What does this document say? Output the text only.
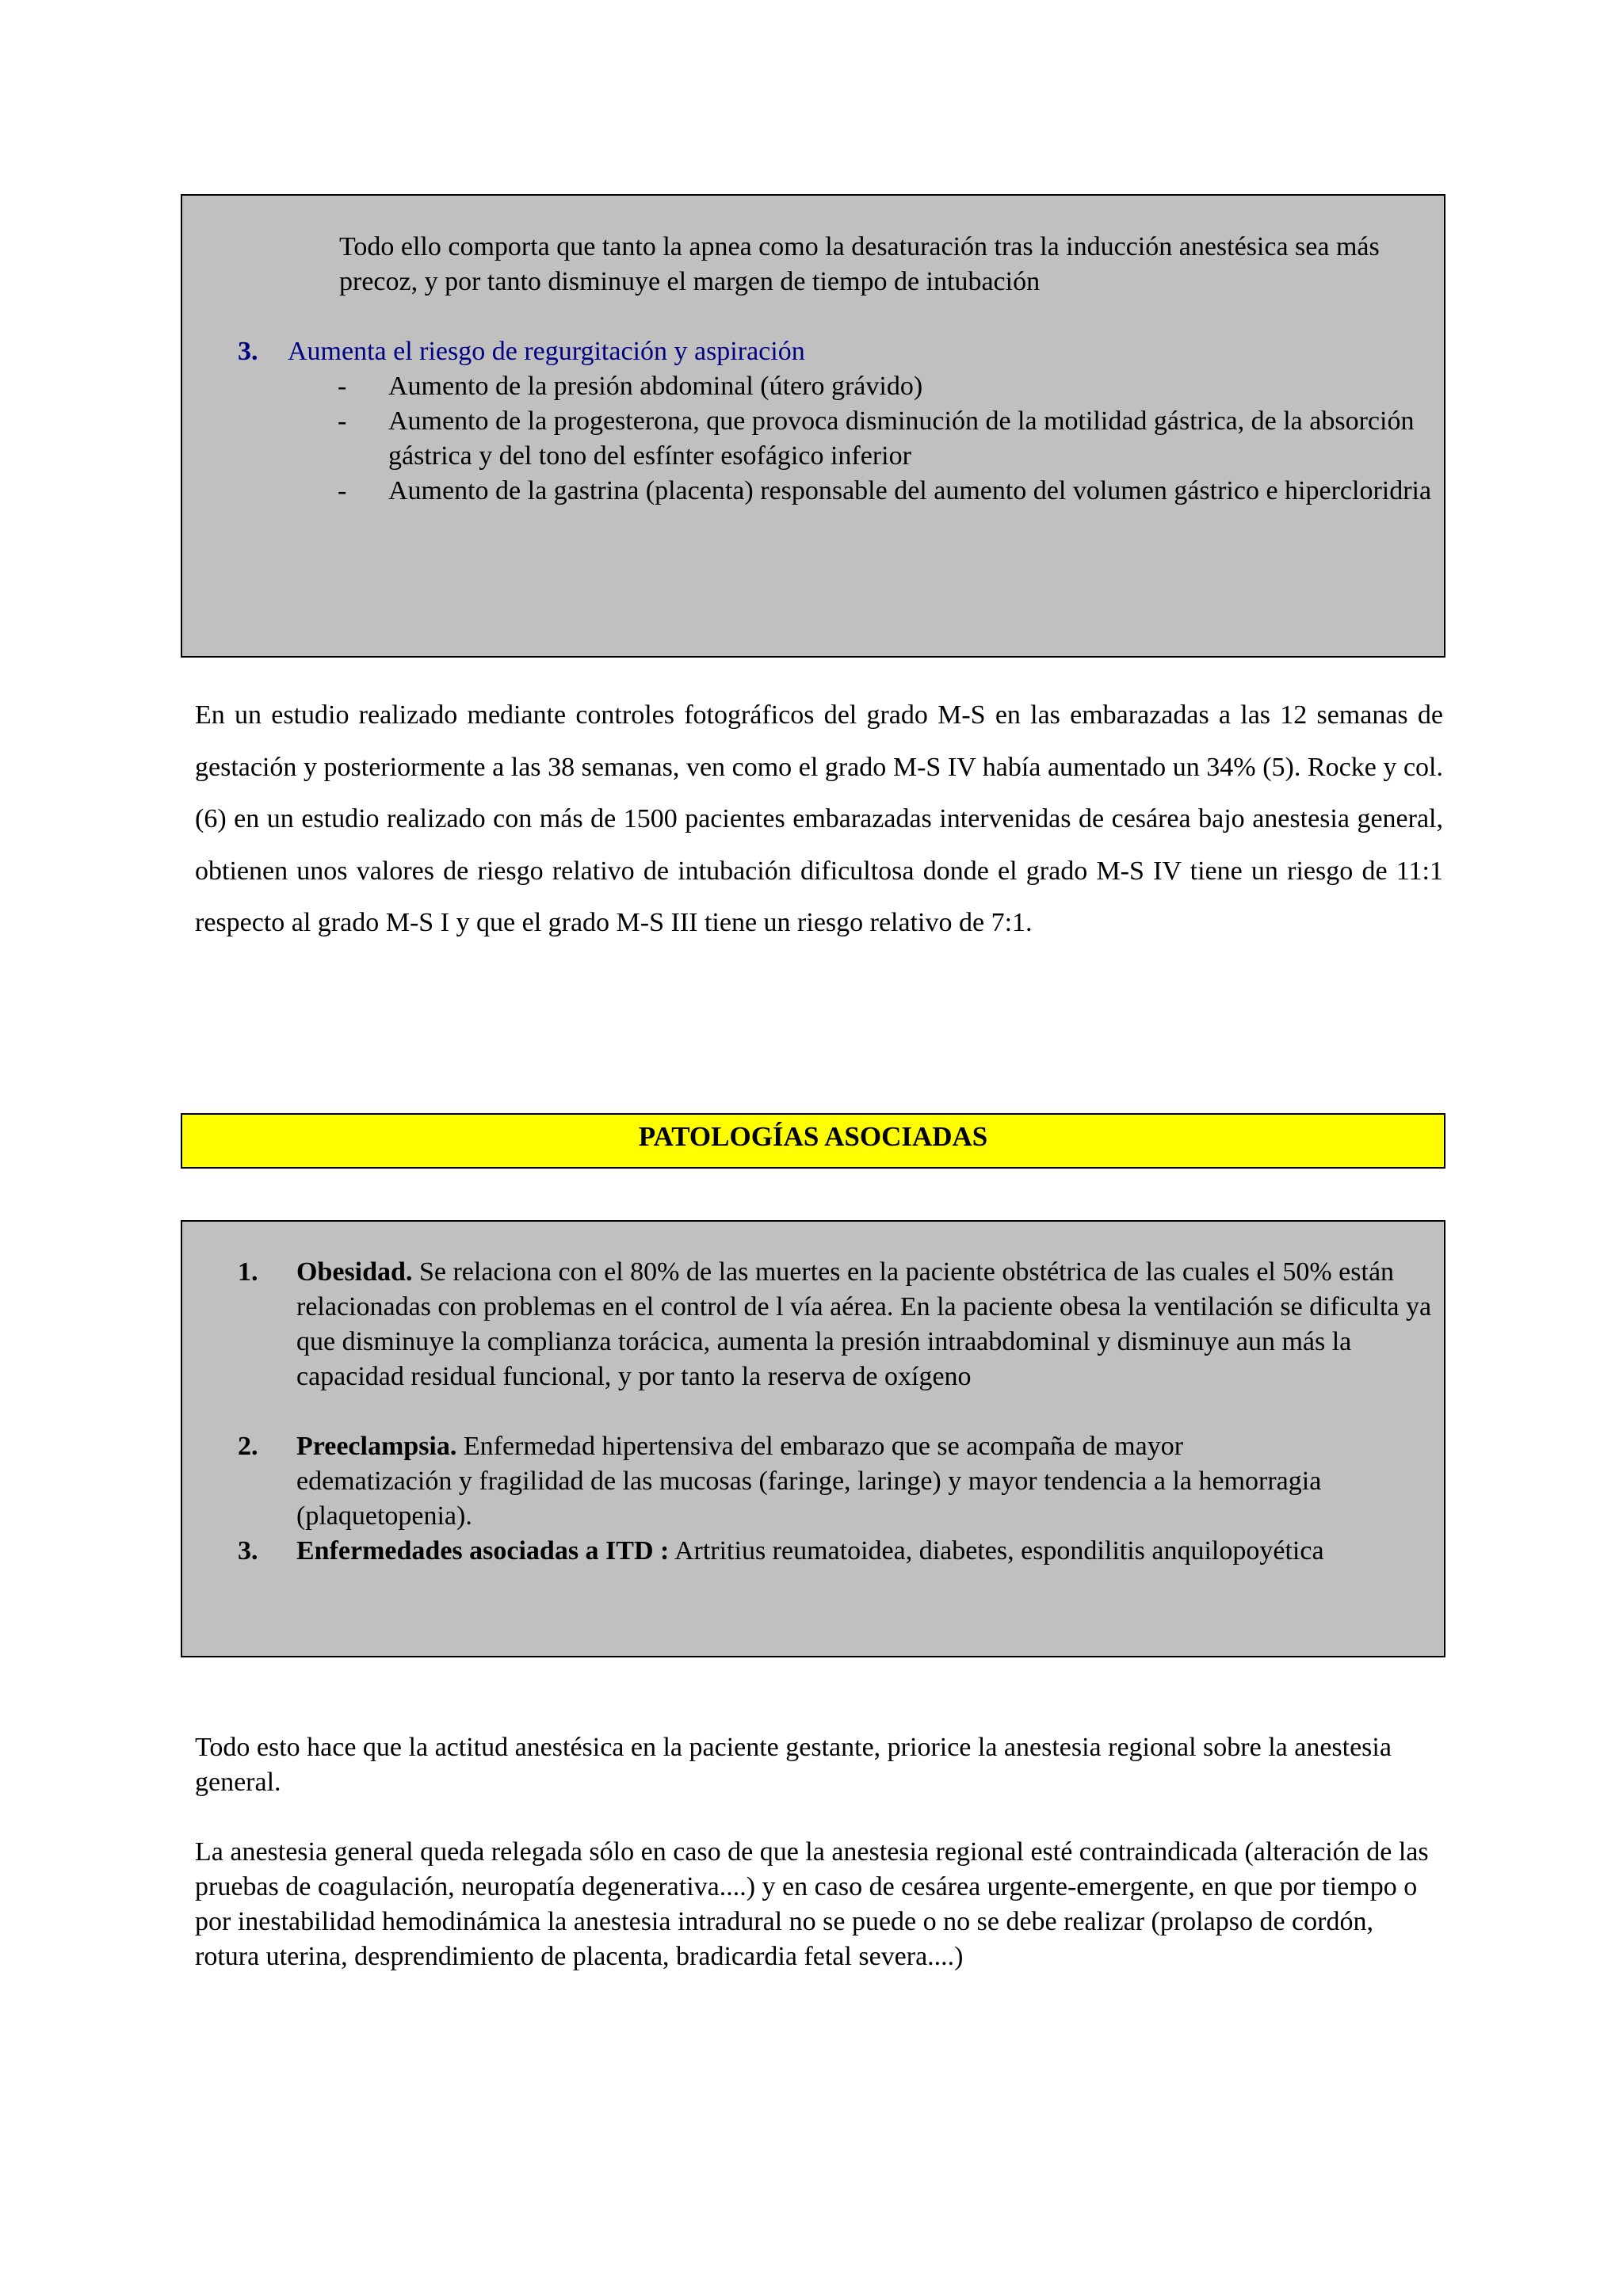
Todo ello comporta que tanto la apnea como la desaturación tras la inducción anestésica sea más precoz, y por tanto disminuye el margen de tiempo de intubación

3. Aumenta el riesgo de regurgitación y aspiración
- Aumento de la presión abdominal (útero grávido)

- Aumento de la progesterona, que provoca disminución de la motilidad gástrica, de la absorción gástrica y del tono del esfínter esofágico inferior

- Aumento de la gastrina (placenta) responsable del aumento del volumen gástrico e hipercloridria

En un estudio realizado mediante controles fotográficos del grado M-S en las embarazadas a las 12 semanas de gestación y posteriormente a las 38 semanas, ven como el grado M-S IV había aumentado un 34% (5). Rocke y col. (6) en un estudio realizado con más de 1500 pacientes embarazadas intervenidas de cesárea bajo anestesia general, obtienen unos valores de riesgo relativo de intubación dificultosa donde el grado M-S IV tiene un riesgo de 11:1 respecto al grado M-S I y que el grado M-S III tiene un riesgo relativo de 7:1.

PATOLOGÍAS ASOCIADAS
1. Obesidad. Se relaciona con el 80% de las muertes en la paciente obstétrica de las cuales el 50% están relacionadas con problemas en el control de l vía aérea. En la paciente obesa la ventilación se dificulta ya que disminuye la complianza torácica, aumenta la presión intraabdominal y disminuye aun más la capacidad residual funcional, y por tanto la reserva de oxígeno

2. Preeclampsia. Enfermedad hipertensiva del embarazo que se acompaña de mayor edematización y fragilidad de las mucosas (faringe, laringe) y mayor tendencia a la hemorragia (plaquetopenia).

3. Enfermedades asociadas a ITD : Artritius reumatoidea, diabetes, espondilitis anquilopoyética

Todo esto hace que la actitud anestésica en la paciente gestante, priorice la anestesia regional sobre la anestesia general.

La anestesia general queda relegada sólo en caso de que la anestesia regional esté contraindicada (alteración de las pruebas de coagulación, neuropatía degenerativa....) y en caso de cesárea urgente-emergente, en que por tiempo o por inestabilidad hemodinámica la anestesia intradural no se puede o no se debe realizar (prolapso de cordón, rotura uterina, desprendimiento de placenta, bradicardia fetal severa....)
